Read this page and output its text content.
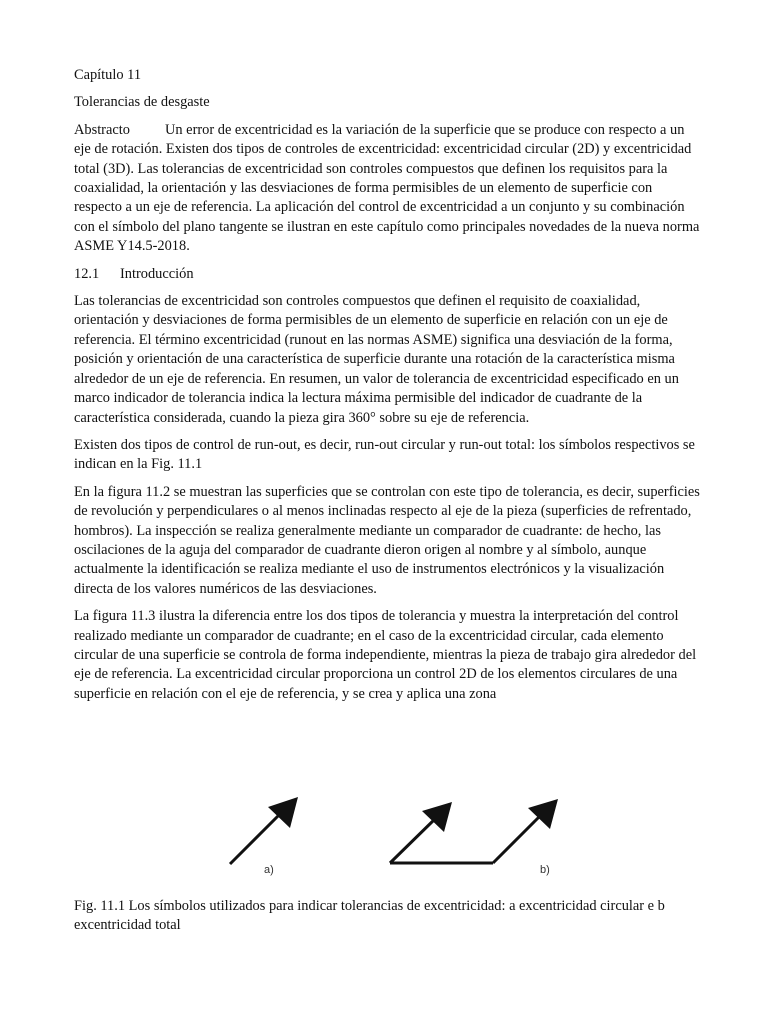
Capítulo 11

Tolerancias de desgaste

Abstracto Un error de excentricidad es la variación de la superficie que se produce con respecto a un eje de rotación. Existen dos tipos de controles de excentricidad: excentricidad circular (2D) y excentricidad total (3D). Las tolerancias de excentricidad son controles compuestos que definen los requisitos para la coaxialidad, la orientación y las desviaciones de forma permisibles de un elemento de superficie con respecto a un eje de referencia. La aplicación del control de excentricidad a un conjunto y su combinación con el símbolo del plano tangente se ilustran en este capítulo como principales novedades de la nueva norma ASME Y14.5-2018.

12.1 Introducción

Las tolerancias de excentricidad son controles compuestos que definen el requisito de coaxialidad, orientación y desviaciones de forma permisibles de un elemento de superficie en relación con un eje de referencia. El término excentricidad (runout en las normas ASME) significa una desviación de la forma, posición y orientación de una característica de superficie durante una rotación de la característica misma alrededor de un eje de referencia. En resumen, un valor de tolerancia de excentricidad especificado en un marco indicador de tolerancia indica la lectura máxima permisible del indicador de cuadrante de la característica considerada, cuando la pieza gira 360° sobre su eje de referencia.

Existen dos tipos de control de run-out, es decir, run-out circular y run-out total: los símbolos respectivos se indican en la Fig. 11.1

En la figura 11.2 se muestran las superficies que se controlan con este tipo de tolerancia, es decir, superficies de revolución y perpendiculares o al menos inclinadas respecto al eje de la pieza (superficies de refrentado, hombros). La inspección se realiza generalmente mediante un comparador de cuadrante: de hecho, las oscilaciones de la aguja del comparador de cuadrante dieron origen al nombre y al símbolo, aunque actualmente la identificación se realiza mediante el uso de instrumentos electrónicos y la visualización directa de los valores numéricos de las desviaciones.

La figura 11.3 ilustra la diferencia entre los dos tipos de tolerancia y muestra la interpretación del control realizado mediante un comparador de cuadrante; en el caso de la excentricidad circular, cada elemento circular de una superficie se controla de forma independiente, mientras la pieza de trabajo gira alrededor del eje de referencia. La excentricidad circular proporciona un control 2D de los elementos circulares de una superficie en relación con el eje de referencia, y se crea y aplica una zona

a)	b)

Fig. 11.1 Los símbolos utilizados para indicar tolerancias de excentricidad: a excentricidad circular e b excentricidad total
